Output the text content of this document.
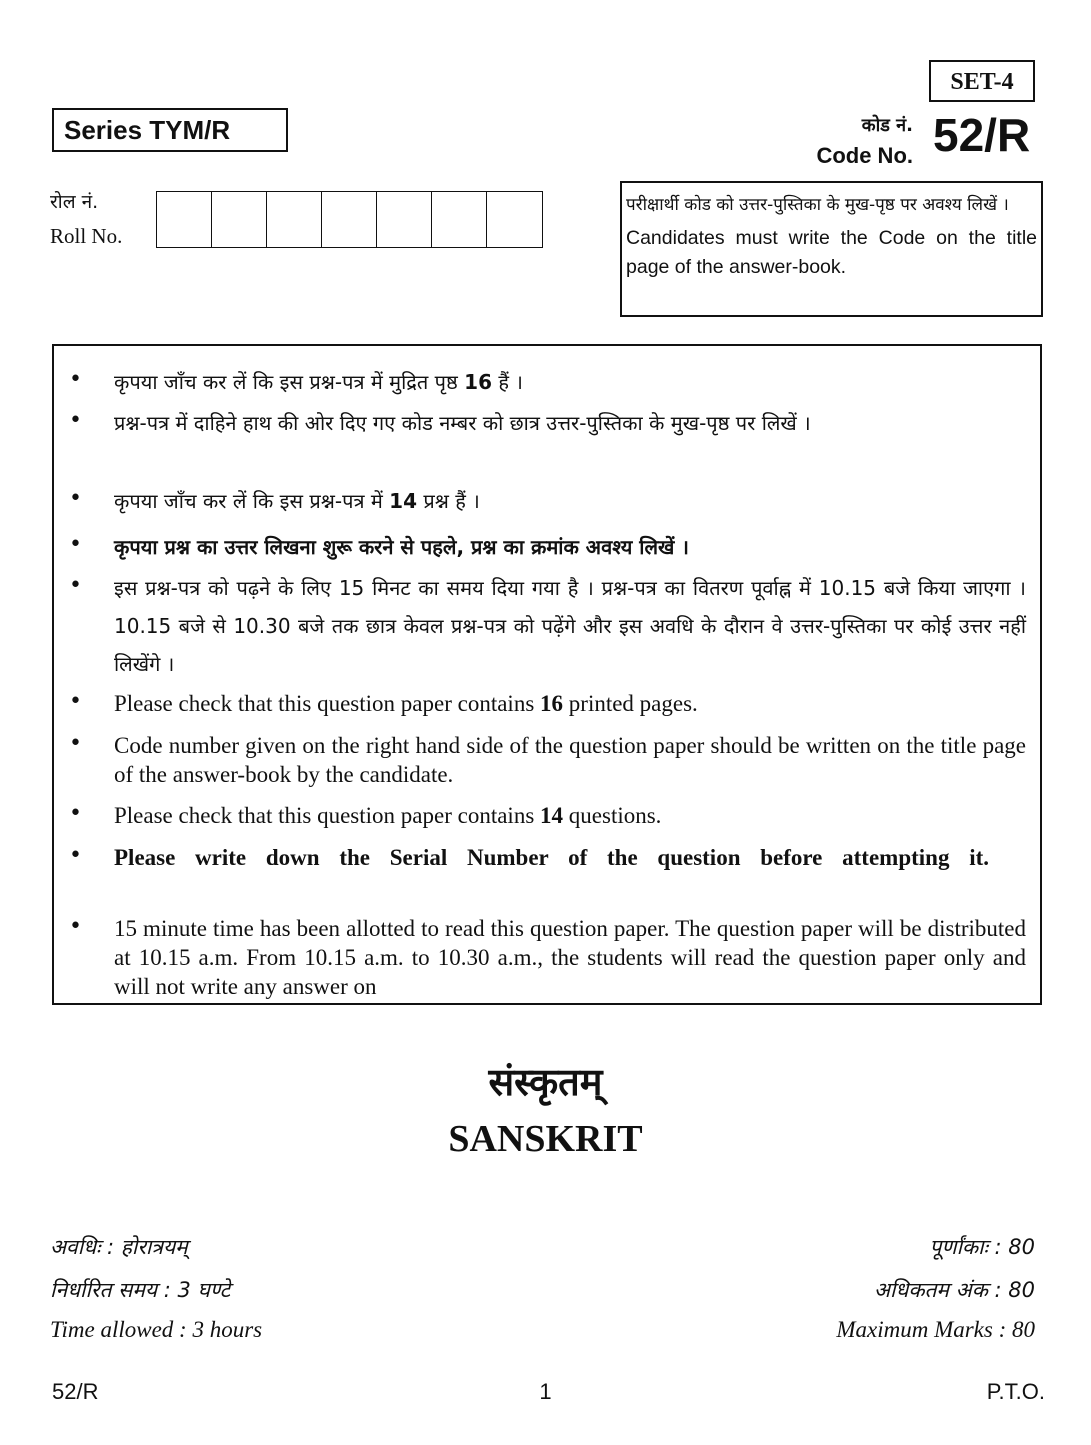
SET-4
Series TYM/R	कोड नं.
Code No. 52/R
रोल नं.
Roll No.
परीक्षार्थी कोड को उत्तर-पुस्तिका के मुख-पृष्ठ पर अवश्य लिखें ।
Candidates must write the Code on the title page of the answer-book.
• कृपया जाँच कर लें कि इस प्रश्न-पत्र में मुद्रित पृष्ठ 16 हैं ।
• प्रश्न-पत्र में दाहिने हाथ की ओर दिए गए कोड नम्बर को छात्र उत्तर-पुस्तिका के मुख-पृष्ठ पर लिखें ।
• कृपया जाँच कर लें कि इस प्रश्न-पत्र में 14 प्रश्न हैं ।
• कृपया प्रश्न का उत्तर लिखना शुरू करने से पहले, प्रश्न का क्रमांक अवश्य लिखें ।
• इस प्रश्न-पत्र को पढ़ने के लिए 15 मिनट का समय दिया गया है । प्रश्न-पत्र का वितरण पूर्वाह्न में 10.15 बजे किया जाएगा । 10.15 बजे से 10.30 बजे तक छात्र केवल प्रश्न-पत्र को पढ़ेंगे और इस अवधि के दौरान वे उत्तर-पुस्तिका पर कोई उत्तर नहीं लिखेंगे ।
• Please check that this question paper contains 16 printed pages.
• Code number given on the right hand side of the question paper should be written on the title page of the answer-book by the candidate.
• Please check that this question paper contains 14 questions.
• Please write down the Serial Number of the question before attempting it.
• 15 minute time has been allotted to read this question paper. The question paper will be distributed at 10.15 a.m. From 10.15 a.m. to 10.30 a.m., the students will read the question paper only and will not write any answer on
संस्कृतम्
SANSKRIT
अवधिः : होरात्रयम्
निर्धारित समय : 3 घण्टे
Time allowed : 3 hours
पूर्णांकाः : 80
अधिकतम अंक : 80
Maximum Marks : 80
52/R	1	P.T.O.
